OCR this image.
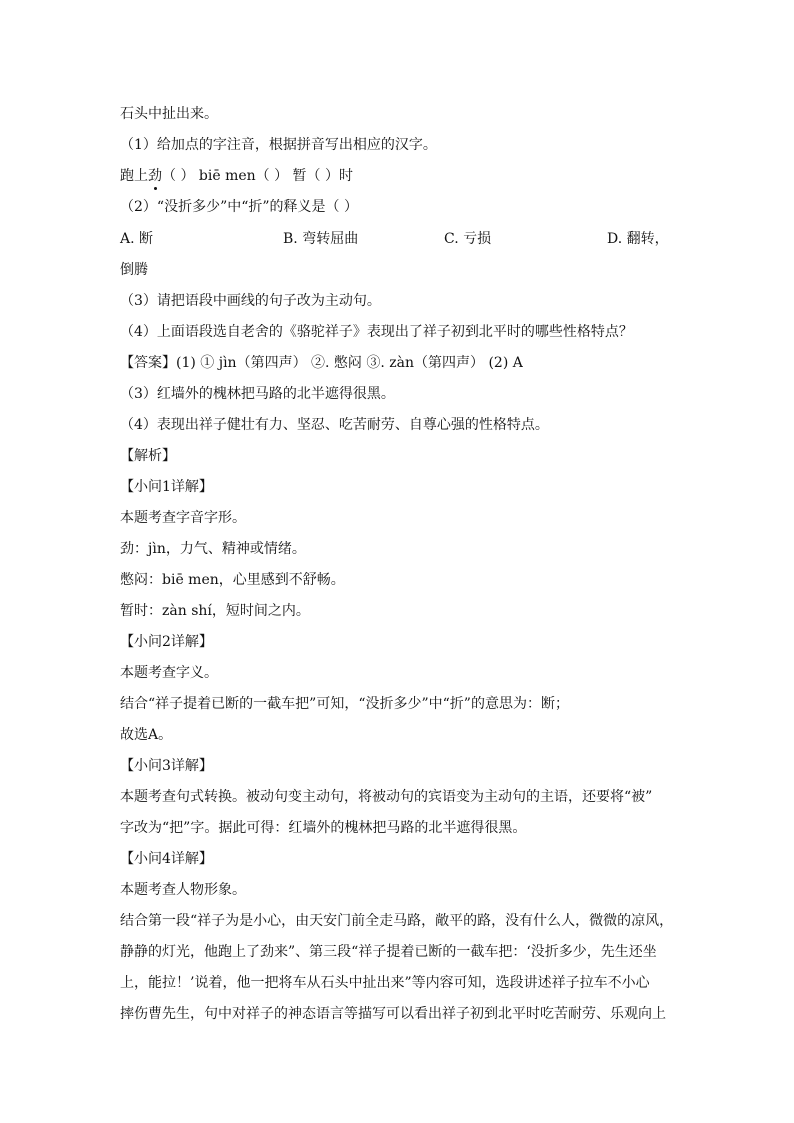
石头中扯出来。
（1）给加点的字注音，根据拼音写出相应的汉字。
跑上劲（ ） biē men（ ） 暂（ ）时
（2）“没折多少”中“折”的释义是（ ）
A. 断	B. 弯转屈曲	C. 亏损	D. 翻转，
倒腾
（3）请把语段中画线的句子改为主动句。
（4）上面语段选自老舍的《骆驼祥子》表现出了祥子初到北平时的哪些性格特点？
【答案】(1) ① jìn（第四声） ②. 憋闷 ③. zàn（第四声） (2) A
（3）红墙外的槐林把马路的北半遮得很黑。
（4）表现出祥子健壮有力、坚忍、吃苦耐劳、自尊心强的性格特点。
【解析】
【小问1详解】
本题考查字音字形。
劲：jìn，力气、精神或情绪。
憋闷：biē men，心里感到不舒畅。
暂时：zàn shí，短时间之内。
【小问2详解】
本题考查字义。
结合“祥子提着已断的一截车把”可知，“没折多少”中“折”的意思为：断；
故选A。
【小问3详解】
本题考查句式转换。被动句变主动句，将被动句的宾语变为主动句的主语，还要将“被”
字改为“把”字。据此可得：红墙外的槐林把马路的北半遮得很黑。
【小问4详解】
本题考查人物形象。
结合第一段“祥子为是小心，由天安门前全走马路，敞平的路，没有什么人，微微的凉风，
静静的灯光，他跑上了劲来”、第三段“祥子提着已断的一截车把：‘没折多少，先生还坐
上，能拉！’说着，他一把将车从石头中扯出来”等内容可知，选段讲述祥子拉车不小心
摔伤曹先生，句中对祥子的神态语言等描写可以看出祥子初到北平时吃苦耐劳、乐观向上
